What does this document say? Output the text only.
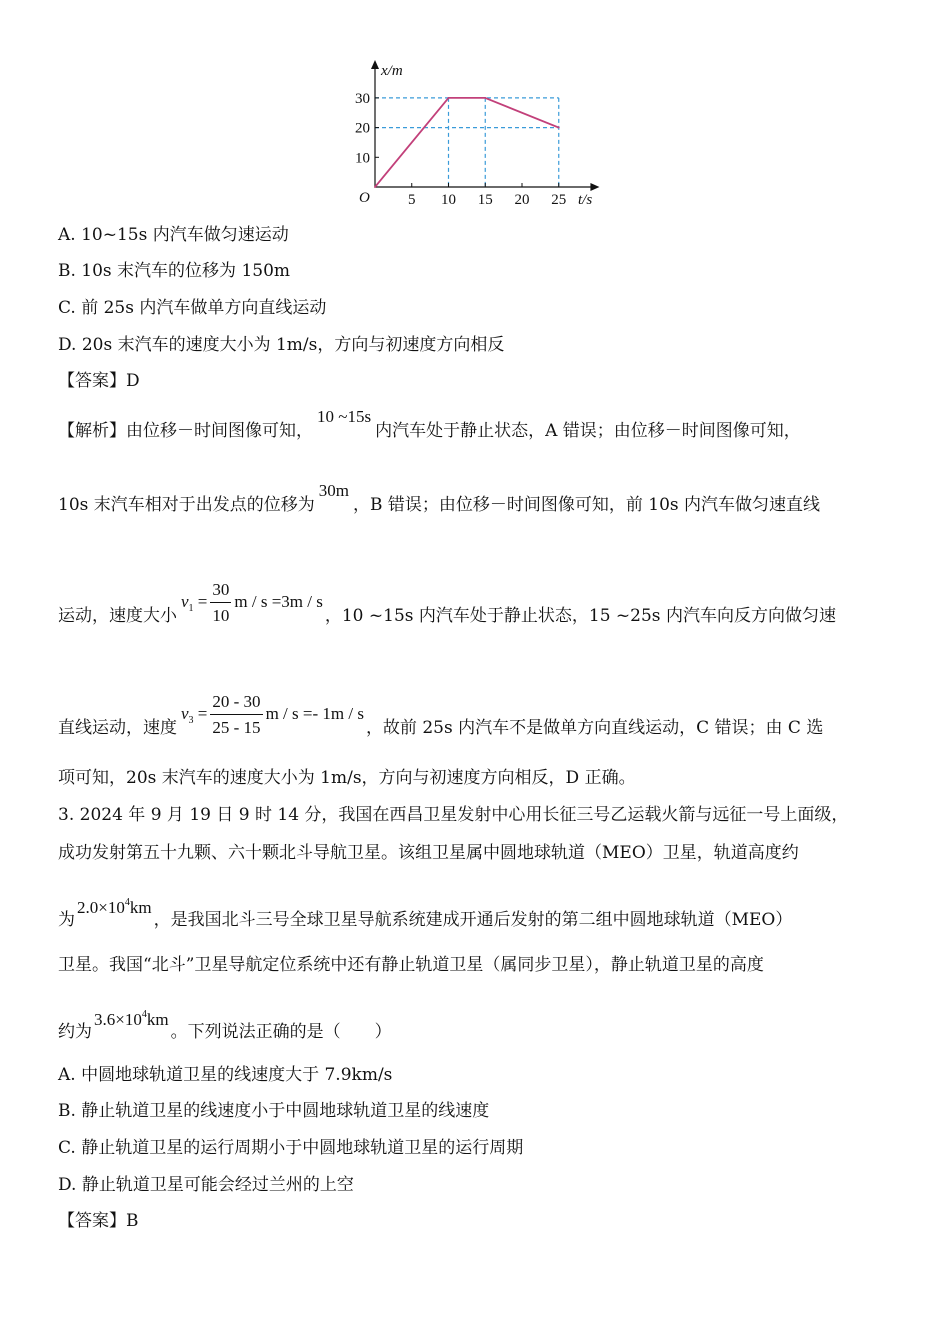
5 10 15 20 25
10
20
30
x/m
t/s
O
A. 10~15s 内汽车做匀速运动
B. 10s 末汽车的位移为 150m
C. 前 25s 内汽车做单方向直线运动
D. 20s 末汽车的速度大小为 1m/s，方向与初速度方向相反
【答案】D
【解析】由位移－时间图像可知，10 ~15s内汽车处于静止状态，A 错误；由位移－时间图像可知，
10s 末汽车相对于出发点的位移为30m，B 错误；由位移－时间图像可知，前 10s 内汽车做匀速直线
运动，速度大小$v_1 = \frac{30}{10}$ m / s =3m / s，10 ~15s 内汽车处于静止状态，15 ~25s 内汽车向反方向做匀速
直线运动，速度$v_3 = \frac{20 - 30}{25 - 15}$ m / s =- 1m / s，故前 25s 内汽车不是做单方向直线运动，C 错误；由 C 选
项可知，20s 末汽车的速度大小为 1m/s，方向与初速度方向相反，D 正确。
3. 2024 年 9 月 19 日 9 时 14 分，我国在西昌卫星发射中心用长征三号乙运载火箭与远征一号上面级，
成功发射第五十九颗、六十颗北斗导航卫星。该组卫星属中圆地球轨道（MEO）卫星，轨道高度约
为$2.0\times 10^4km$，是我国北斗三号全球卫星导航系统建成开通后发射的第二组中圆地球轨道（MEO）
卫星。我国“北斗”卫星导航定位系统中还有静止轨道卫星（属同步卫星），静止轨道卫星的高度
约为$3.6\times 10^4km$。下列说法正确的是（　　）
A. 中圆地球轨道卫星的线速度大于 7.9km/s
B. 静止轨道卫星的线速度小于中圆地球轨道卫星的线速度
C. 静止轨道卫星的运行周期小于中圆地球轨道卫星的运行周期
D. 静止轨道卫星可能会经过兰州的上空
【答案】B
